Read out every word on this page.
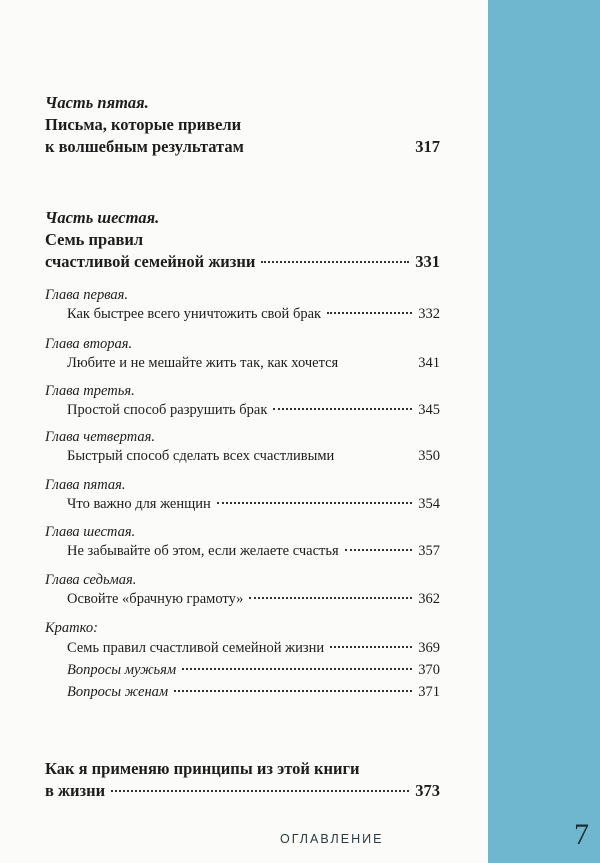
Часть пятая.

Письма, которые привели

к волшебным результатам	317

Часть шестая.

Семь правил

счастливой семейной жизни	331

Глава первая.

Как быстрее всего уничтожить свой брак	332

Глава вторая.

Любите и не мешайте жить так, как хочется	341

Глава третья.

Простой способ разрушить брак	345

Глава четвертая.

Быстрый способ сделать всех счастливыми	350

Глава пятая.

Что важно для женщин	354

Глава шестая.

Не забывайте об этом, если желаете счастья	357

Глава седьмая.

Освойте «брачную грамоту»	362

Кратко:

Семь правил счастливой семейной жизни	369
Вопросы мужьям	370
Вопросы женам	371

Как я применяю принципы из этой книги

в жизни	373
ОГЛАВЛЕНИЕ	7
